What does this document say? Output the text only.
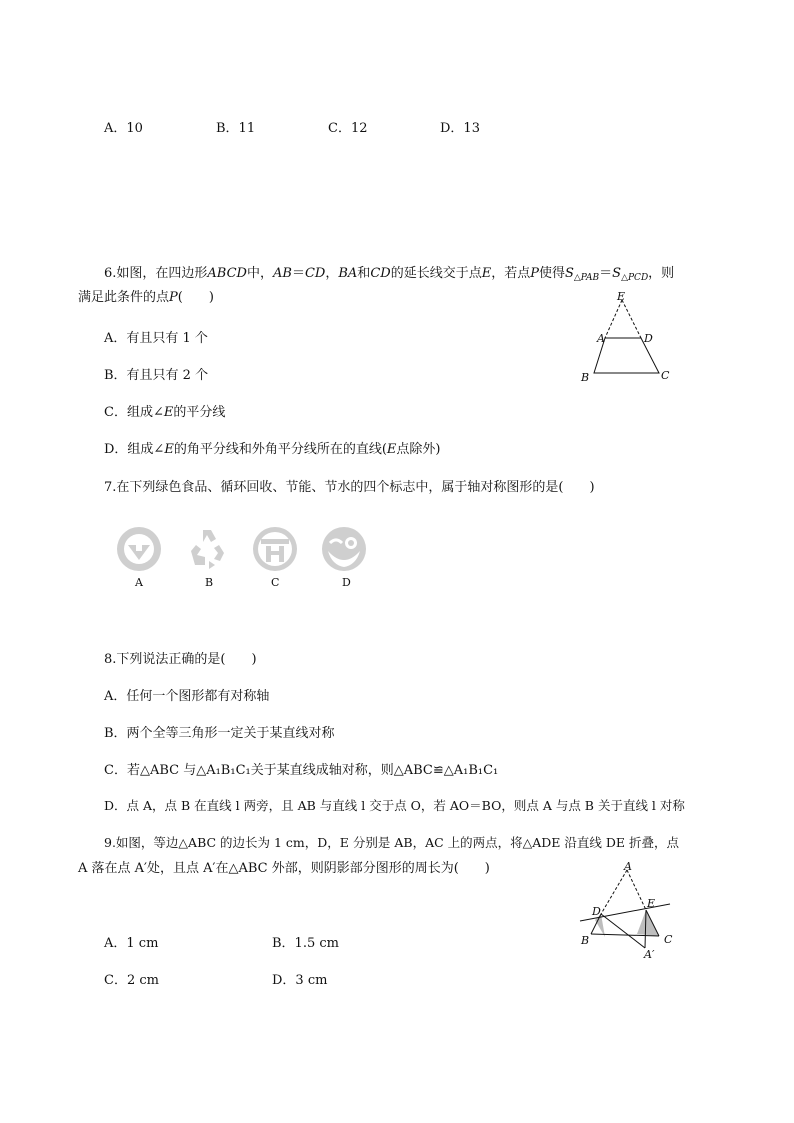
A．10	B．11	C．12	D．13
6.如图，在四边形ABCD中，AB＝CD，BA和CD的延长线交于点E，若点P使得$S_{\triangle PAB}=S_{\triangle PCD}$，则
满足此条件的点P(　　)
A．有且只有 1 个
B．有且只有 2 个
C．组成∠E的平分线
D．组成∠E的角平分线和外角平分线所在的直线(E点除外)
E
A	D
B	C
7.在下列绿色食品、循环回收、节能、节水的四个标志中，属于轴对称图形的是(　　)
A	B	C	D
8.下列说法正确的是(　　)
A．任何一个图形都有对称轴
B．两个全等三角形一定关于某直线对称
C．若△ABC 与△A₁B₁C₁关于某直线成轴对称，则△ABC≌△A₁B₁C₁
D．点 A，点 B 在直线 l 两旁，且 AB 与直线 l 交于点 O，若 AO＝BO，则点 A 与点 B 关于直线 l 对称
9.如图，等边△ABC 的边长为 1 cm，D，E 分别是 AB，AC 上的两点，将△ADE 沿直线 DE 折叠，点
A 落在点 A′处，且点 A′在△ABC 外部，则阴影部分图形的周长为(　　)
A．1 cm	B．1.5 cm
C．2 cm	D．3 cm
A
D
E
B	C
A′
